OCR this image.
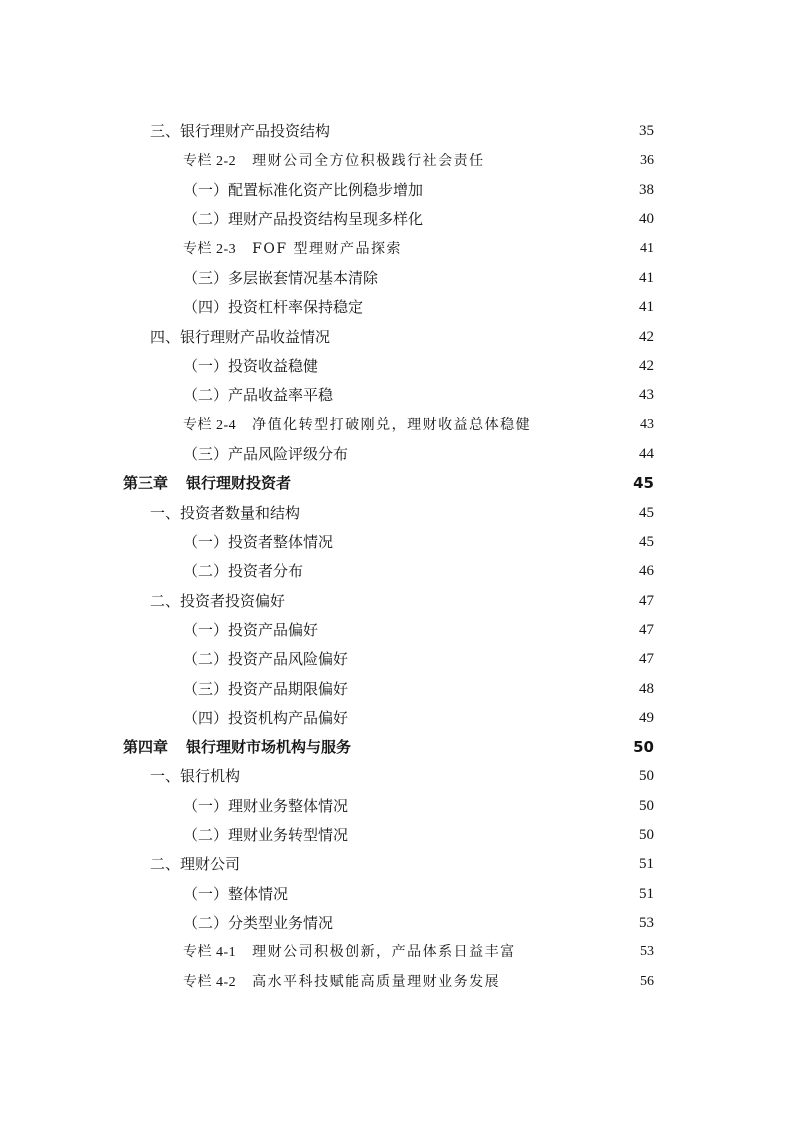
三、银行理财产品投资结构	35
专栏 2-2 理财公司全方位积极践行社会责任	36
（一）配置标准化资产比例稳步增加	38
（二）理财产品投资结构呈现多样化	40
专栏 2-3 FOF 型理财产品探索	41
（三）多层嵌套情况基本清除	41
（四）投资杠杆率保持稳定	41
四、银行理财产品收益情况	42
（一）投资收益稳健	42
（二）产品收益率平稳	43
专栏 2-4 净值化转型打破刚兑，理财收益总体稳健	43
（三）产品风险评级分布	44
第三章 银行理财投资者	45
一、投资者数量和结构	45
（一）投资者整体情况	45
（二）投资者分布	46
二、投资者投资偏好	47
（一）投资产品偏好	47
（二）投资产品风险偏好	47
（三）投资产品期限偏好	48
（四）投资机构产品偏好	49
第四章 银行理财市场机构与服务	50
一、银行机构	50
（一）理财业务整体情况	50
（二）理财业务转型情况	50
二、理财公司	51
（一）整体情况	51
（二）分类型业务情况	53
专栏 4-1 理财公司积极创新，产品体系日益丰富	53
专栏 4-2 高水平科技赋能高质量理财业务发展	56
